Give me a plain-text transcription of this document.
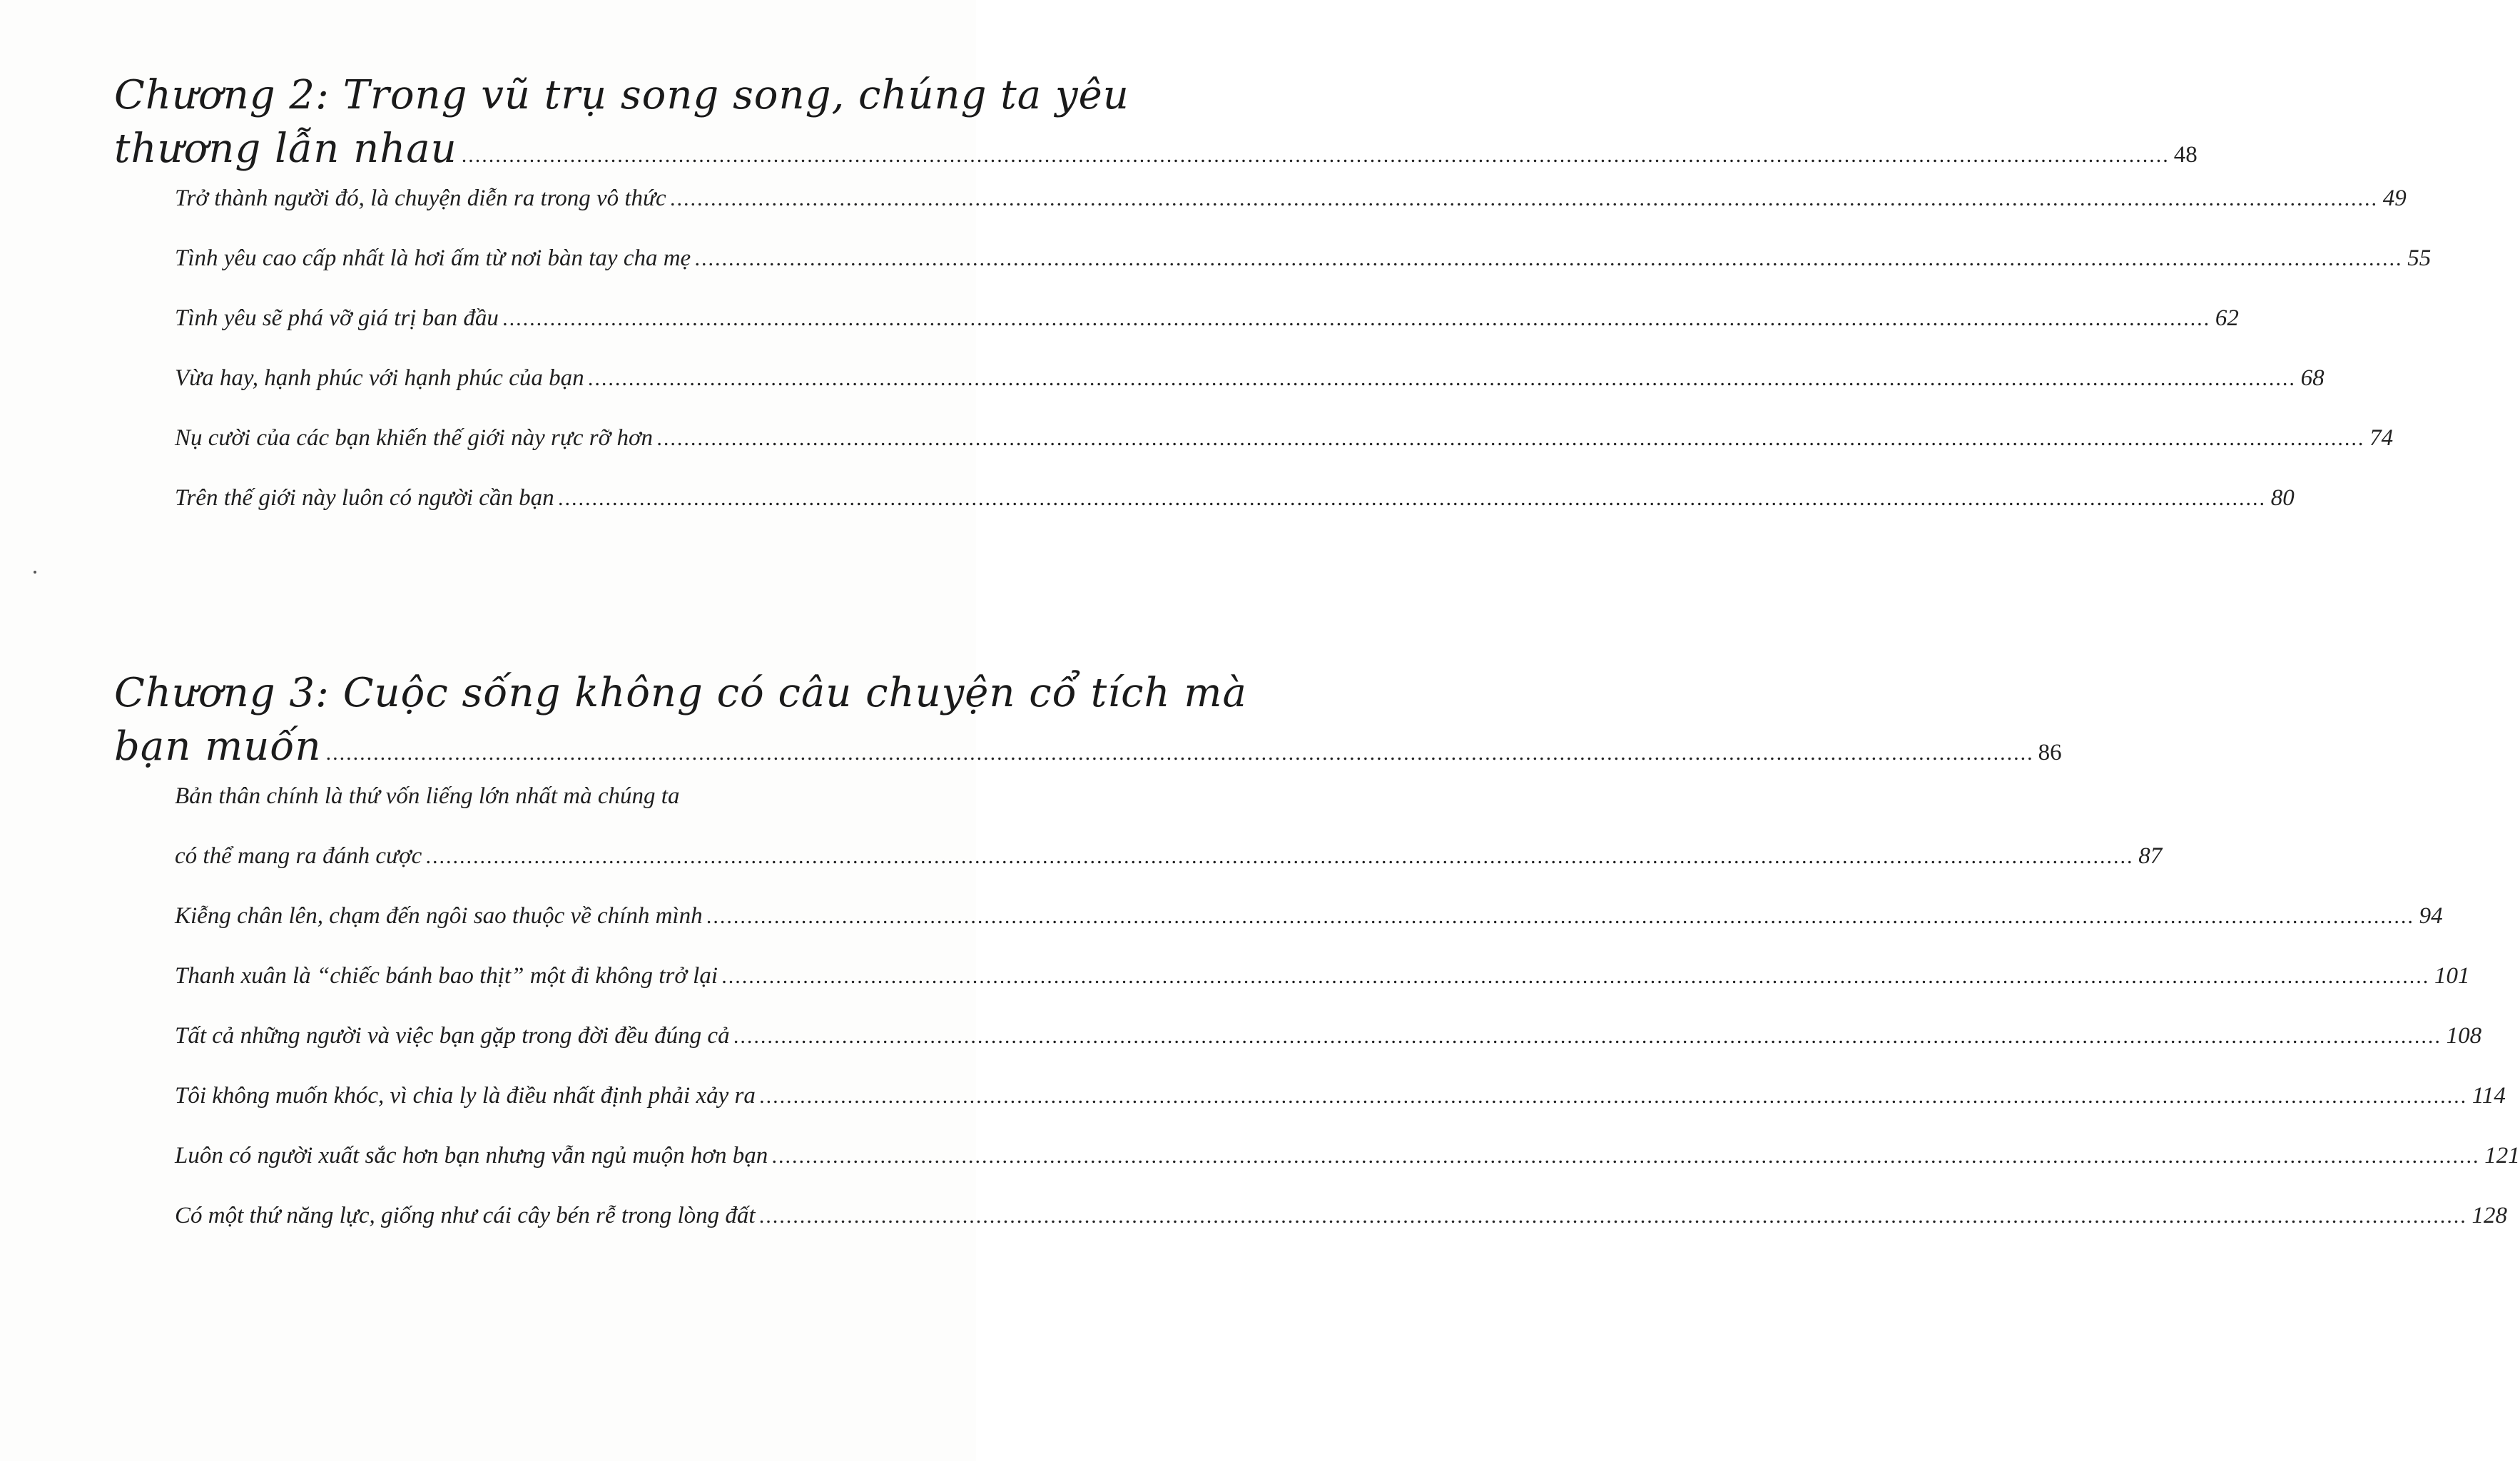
Chương 2: Trong vũ trụ song song, chúng ta yêu
thương lẫn nhau .....	48
Trở thành người đó, là chuyện diễn ra trong vô thức .....	49
Tình yêu cao cấp nhất là hơi ấm từ nơi bàn tay cha mẹ .....	55
Tình yêu sẽ phá vỡ giá trị ban đầu .....	62
Vừa hay, hạnh phúc với hạnh phúc của bạn .....	68
Nụ cười của các bạn khiến thế giới này rực rỡ hơn .....	74
Trên thế giới này luôn có người cần bạn .....	80
Chương 3: Cuộc sống không có câu chuyện cổ tích mà
bạn muốn .....	86
Bản thân chính là thứ vốn liếng lớn nhất mà chúng ta
có thể mang ra đánh cược .....	87
Kiễng chân lên, chạm đến ngôi sao thuộc về chính mình .....	94
Thanh xuân là “chiếc bánh bao thịt” một đi không trở lại .....	101
Tất cả những người và việc bạn gặp trong đời đều đúng cả .....	108
Tôi không muốn khóc, vì chia ly là điều nhất định phải xảy ra .....	114
Luôn có người xuất sắc hơn bạn nhưng vẫn ngủ muộn hơn bạn .....	121
Có một thứ năng lực, giống như cái cây bén rễ trong lòng đất .....	128
